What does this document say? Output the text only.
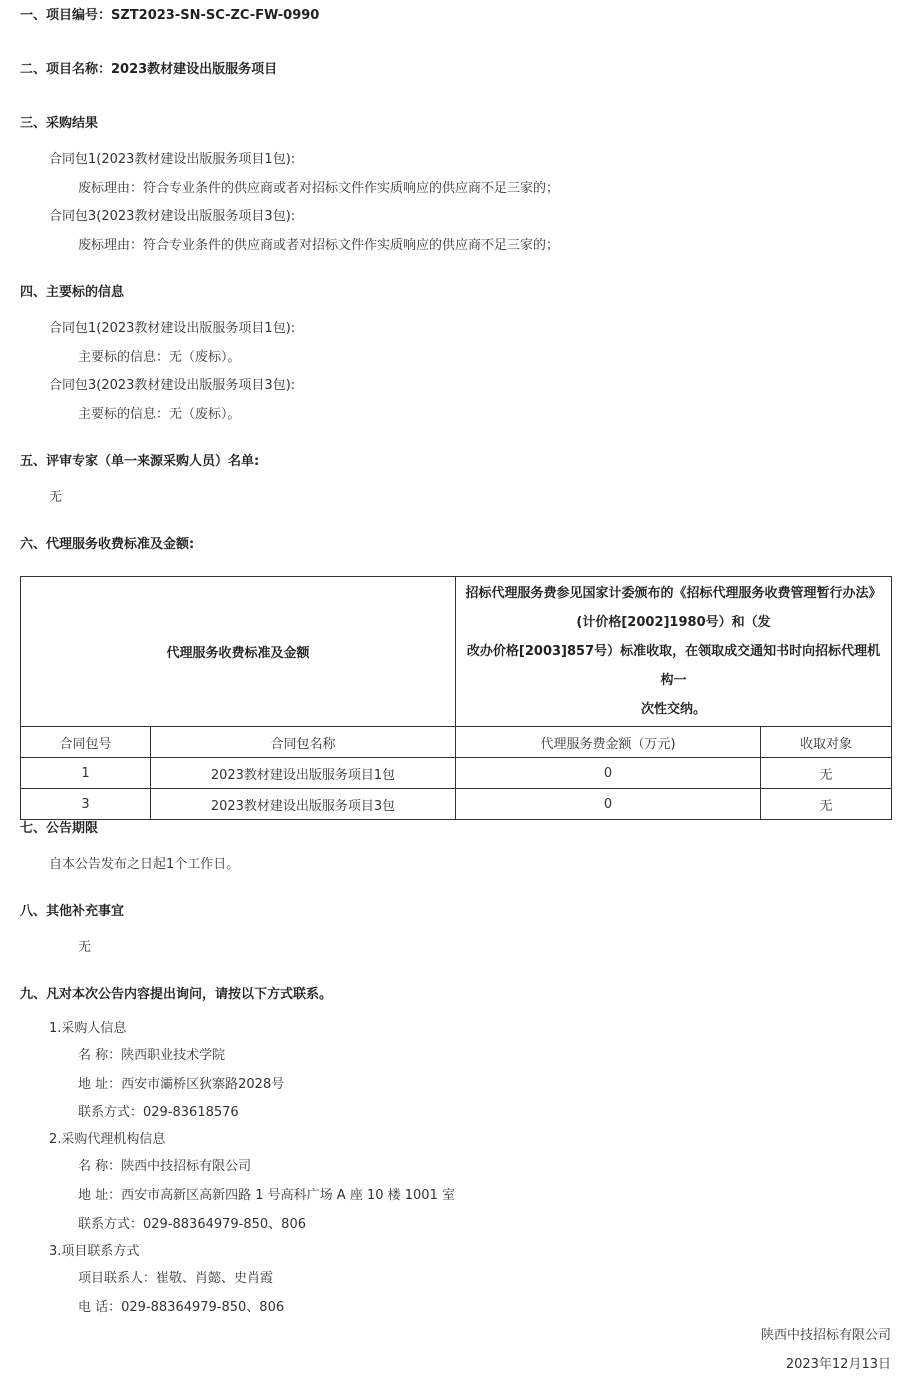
一、项目编号：SZT2023-SN-SC-ZC-FW-0990
二、项目名称：2023教材建设出版服务项目
三、采购结果
合同包1(2023教材建设出版服务项目1包):
废标理由：符合专业条件的供应商或者对招标文件作实质响应的供应商不足三家的；
合同包3(2023教材建设出版服务项目3包):
废标理由：符合专业条件的供应商或者对招标文件作实质响应的供应商不足三家的；
四、主要标的信息
合同包1(2023教材建设出版服务项目1包):
主要标的信息：无（废标）。
合同包3(2023教材建设出版服务项目3包):
主要标的信息：无（废标）。
五、评审专家（单一来源采购人员）名单:
无
六、代理服务收费标准及金额:
代理服务收费标准及金额		招标代理服务费参见国家计委颁布的《招标代理服务收费管理暂行办法》
(计价格[2002]1980号）和（发
改办价格[2003]857号）标准收取，在领取成交通知书时向招标代理机构一
次性交纳。	
合同包号	合同包名称	代理服务费金额（万元)	收取对象
1	2023教材建设出版服务项目1包	0	无
3	2023教材建设出版服务项目3包	0	无
七、公告期限
自本公告发布之日起1个工作日。
八、其他补充事宜
无
九、凡对本次公告内容提出询问，请按以下方式联系。
1.采购人信息
名 称：陕西职业技术学院
地 址：西安市灞桥区狄寨路2028号
联系方式：029-83618576
2.采购代理机构信息
名 称：陕西中技招标有限公司
地 址：西安市高新区高新四路 1 号高科广场 A 座 10 楼 1001 室
联系方式：029-88364979-850、806
3.项目联系方式
项目联系人：崔敬、肖懿、史肖霞
电 话：029-88364979-850、806
陕西中技招标有限公司
2023年12月13日
